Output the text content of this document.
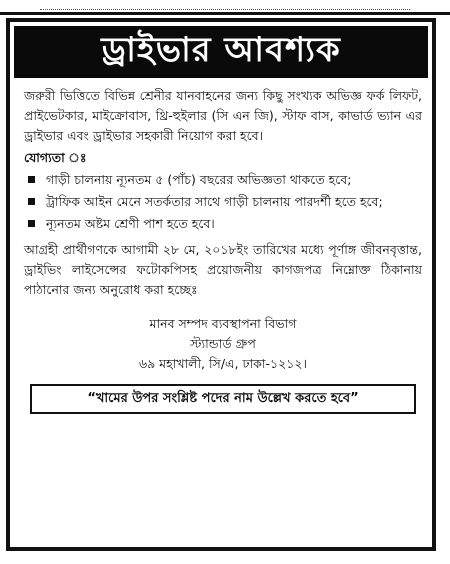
ড্রাইভার আবশ্যক

জরুরী ভিত্তিতে বিভিন্ন শ্রেনীর যানবাহনের জন্য কিছু সংখ্যক অভিজ্ঞ ফর্ক লিফট, প্রাইভেটকার, মাইক্রোবাস, থ্রি-হুইলার (সি এন জি), স্টাফ বাস, কাভার্ড ভ্যান এর ড্রাইভার এবং ড্রাইভার সহকারী নিয়োগ করা হবে।

যোগ্যতা ঃ

গাড়ী চালনায় ন্যূনতম ৫ (পাঁচ) বছরের অভিজ্ঞতা থাকতে হবে;
ট্রাফিক আইন মেনে সতর্কতার সাথে গাড়ী চালনায় পারদর্শী হতে হবে;
ন্যূনতম অষ্টম শ্রেণী পাশ হতে হবে।

আগ্রহী প্রার্থীগণকে আগামী ২৮ মে, ২০১৮ইং তারিখের মধ্যে পূর্ণাঙ্গ জীবনবৃত্তান্ত, ড্রাইভিং লাইসেন্সের ফটোকপিসহ প্রয়োজনীয় কাগজপত্র নিম্নোক্ত ঠিকানায় পাঠানোর জন্য অনুরোধ করা হচ্ছেঃ

মানব সম্পদ ব্যবস্থাপনা বিভাগ
স্ট্যান্ডার্ড গ্রুপ
৬৯ মহাখালী, সি/এ, ঢাকা-১২১২।
“খামের উপর সংশ্লিষ্ট পদের নাম উল্লেখ করতে হবে”
